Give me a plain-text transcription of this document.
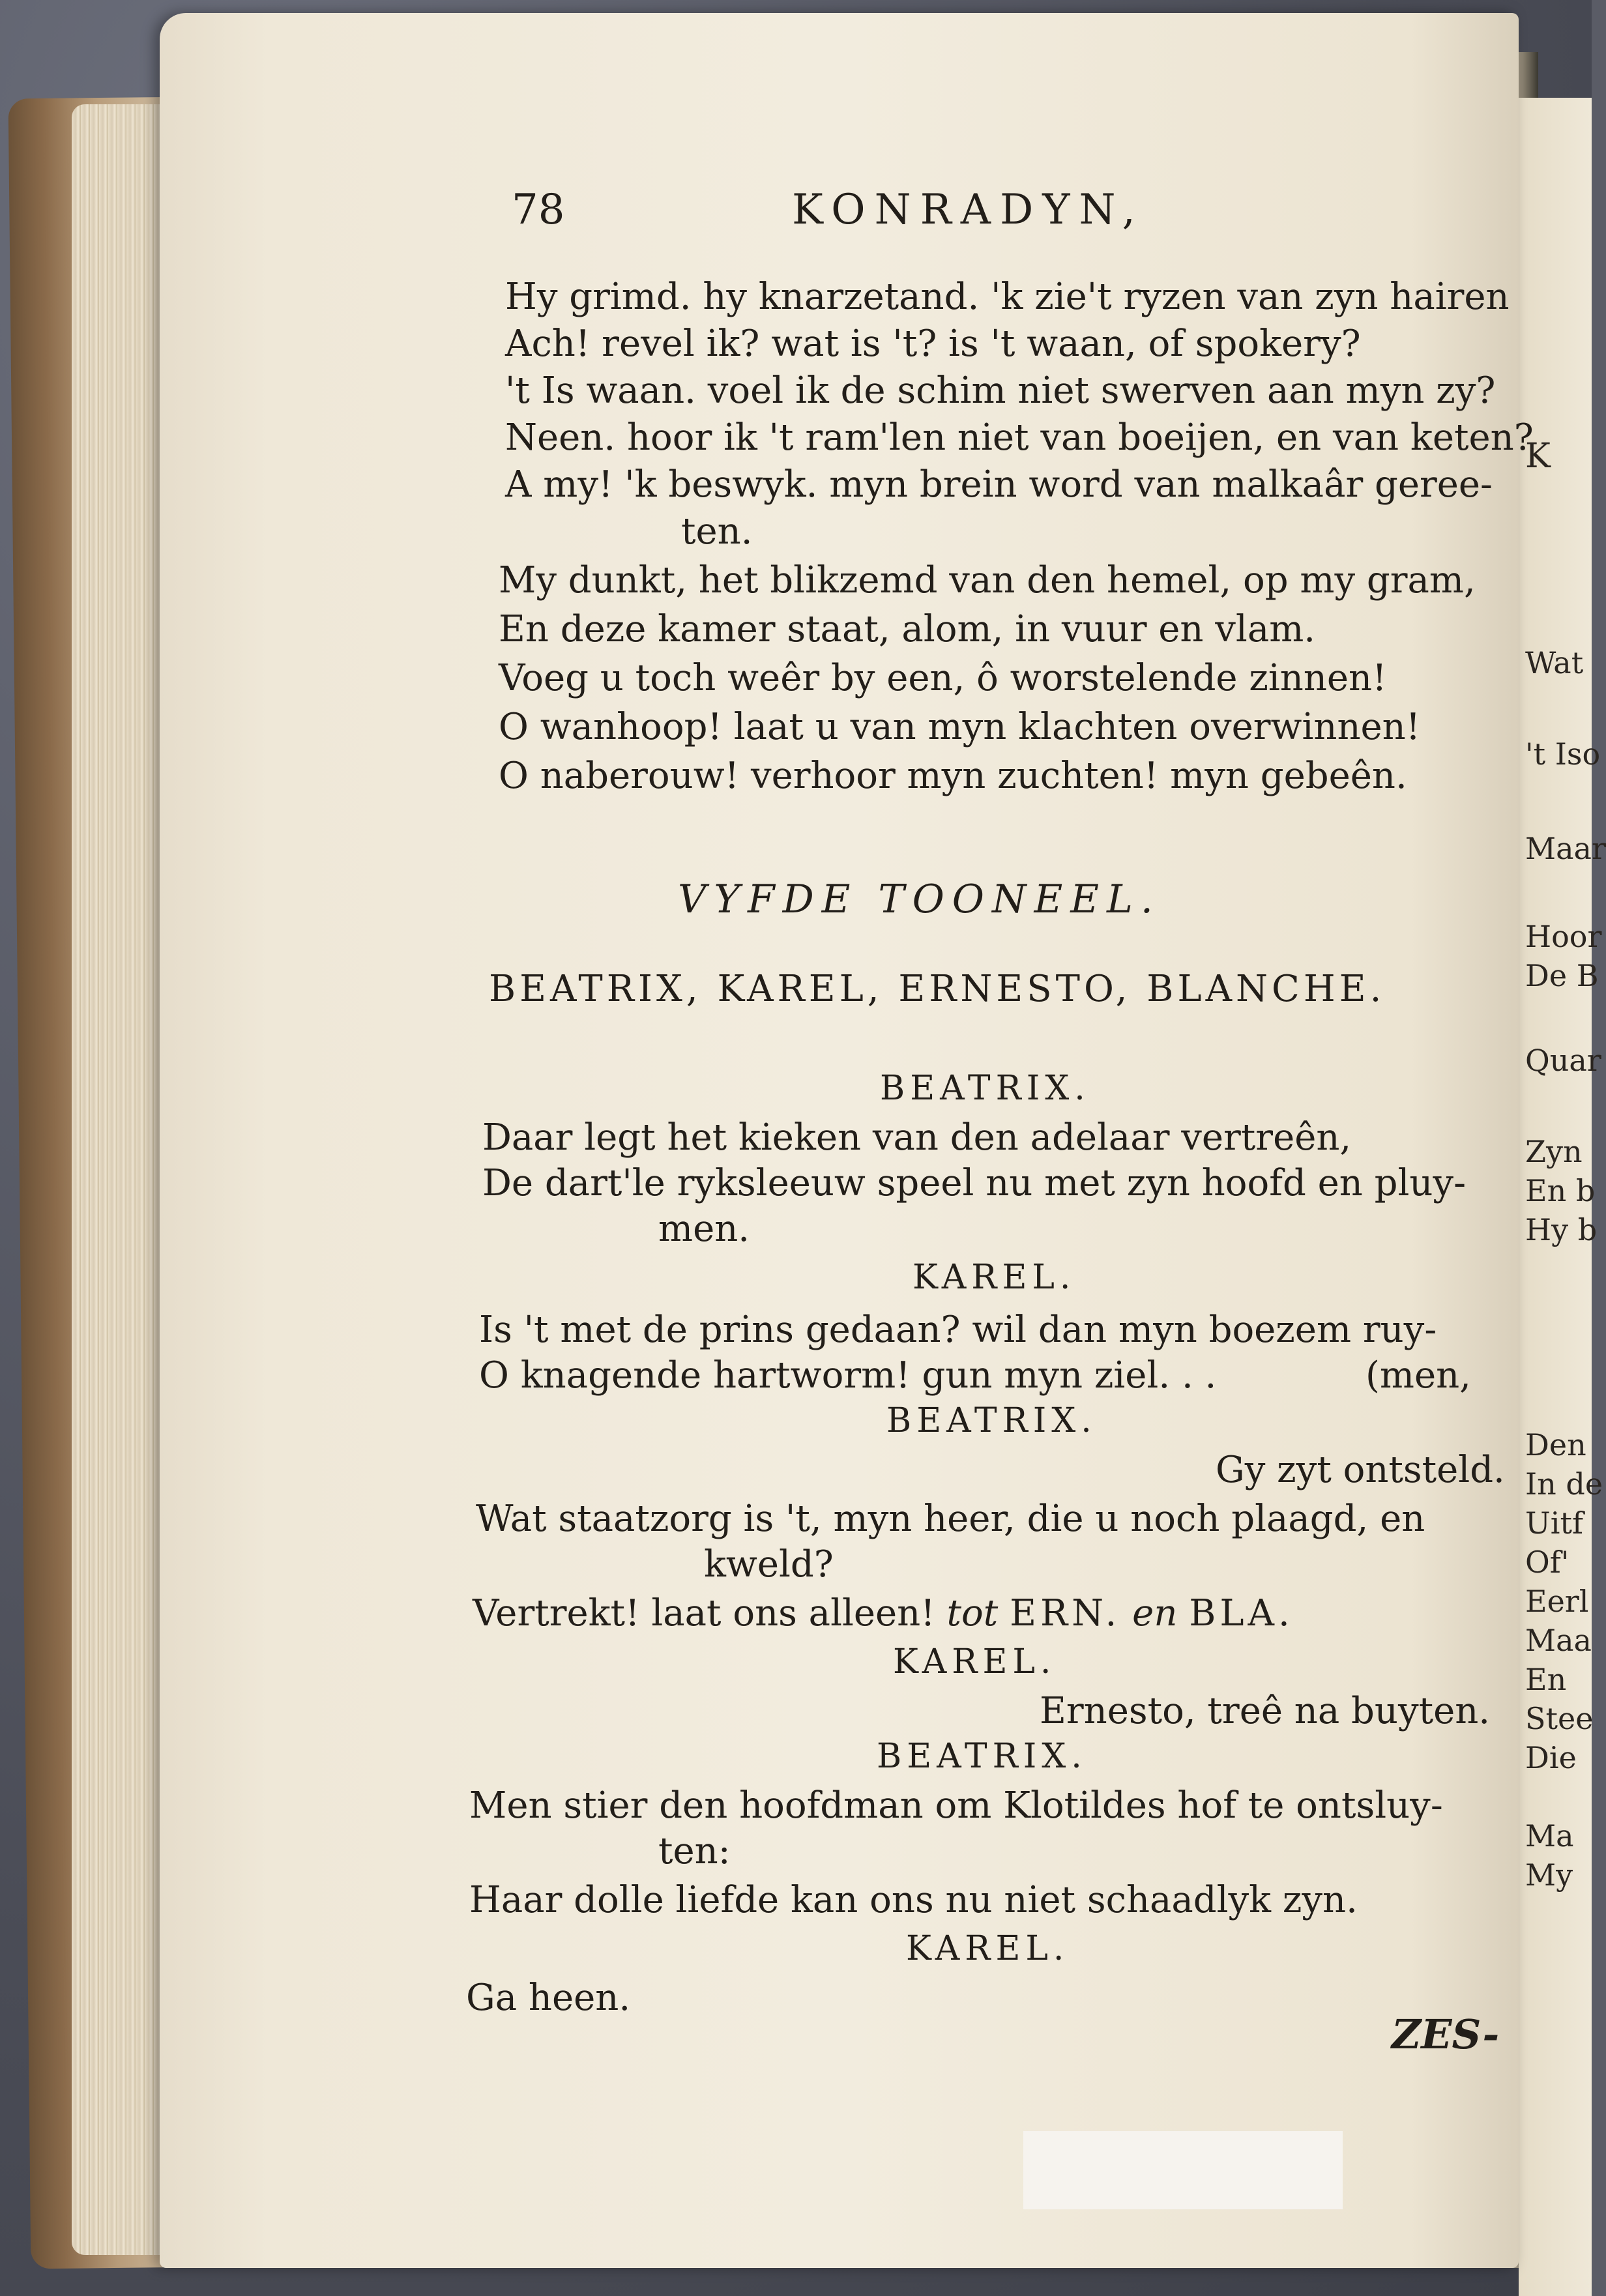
K
Wat
't Iso
Maar
Hoor
De B
Quar
Zyn
En b
Hy b
Den
In de
Uitf
Of'
Eerl
Maa
En
Stee
Die
Ma
My
78	KONRADYN,
Hy grimd. hy knarzetand. 'k zie't ryzen van zyn hairen
Ach! revel ik? wat is 't? is 't waan, of spokery?
't Is waan. voel ik de schim niet swerven aan myn zy?
Neen. hoor ik 't ram'len niet van boeijen, en van keten?
A my! 'k beswyk. myn brein word van malkaâr geree-
ten.
My dunkt, het blikzemd van den hemel, op my gram,
En deze kamer staat, alom, in vuur en vlam.
Voeg u toch weêr by een, ô worstelende zinnen!
O wanhoop! laat u van myn klachten overwinnen!
O naberouw! verhoor myn zuchten! myn gebeên.
VYFDE TOONEEL.
BEATRIX, KAREL, ERNESTO, BLANCHE.
BEATRIX.
Daar legt het kieken van den adelaar vertreên,
De dart'le ryksleeuw speel nu met zyn hoofd en pluy-
men.
KAREL.
Is 't met de prins gedaan? wil dan myn boezem ruy-
O knagende hartworm! gun myn ziel. . .	(men,
BEATRIX.
Gy zyt ontsteld.
Wat staatzorg is 't, myn heer, die u noch plaagd, en
kweld?
Vertrekt! laat ons alleen! tot ERN. en BLA.
KAREL.
Ernesto, treê na buyten.
BEATRIX.
Men stier den hoofdman om Klotildes hof te ontsluy-
ten:
Haar dolle liefde kan ons nu niet schaadlyk zyn.
KAREL.
Ga heen.
ZES-
